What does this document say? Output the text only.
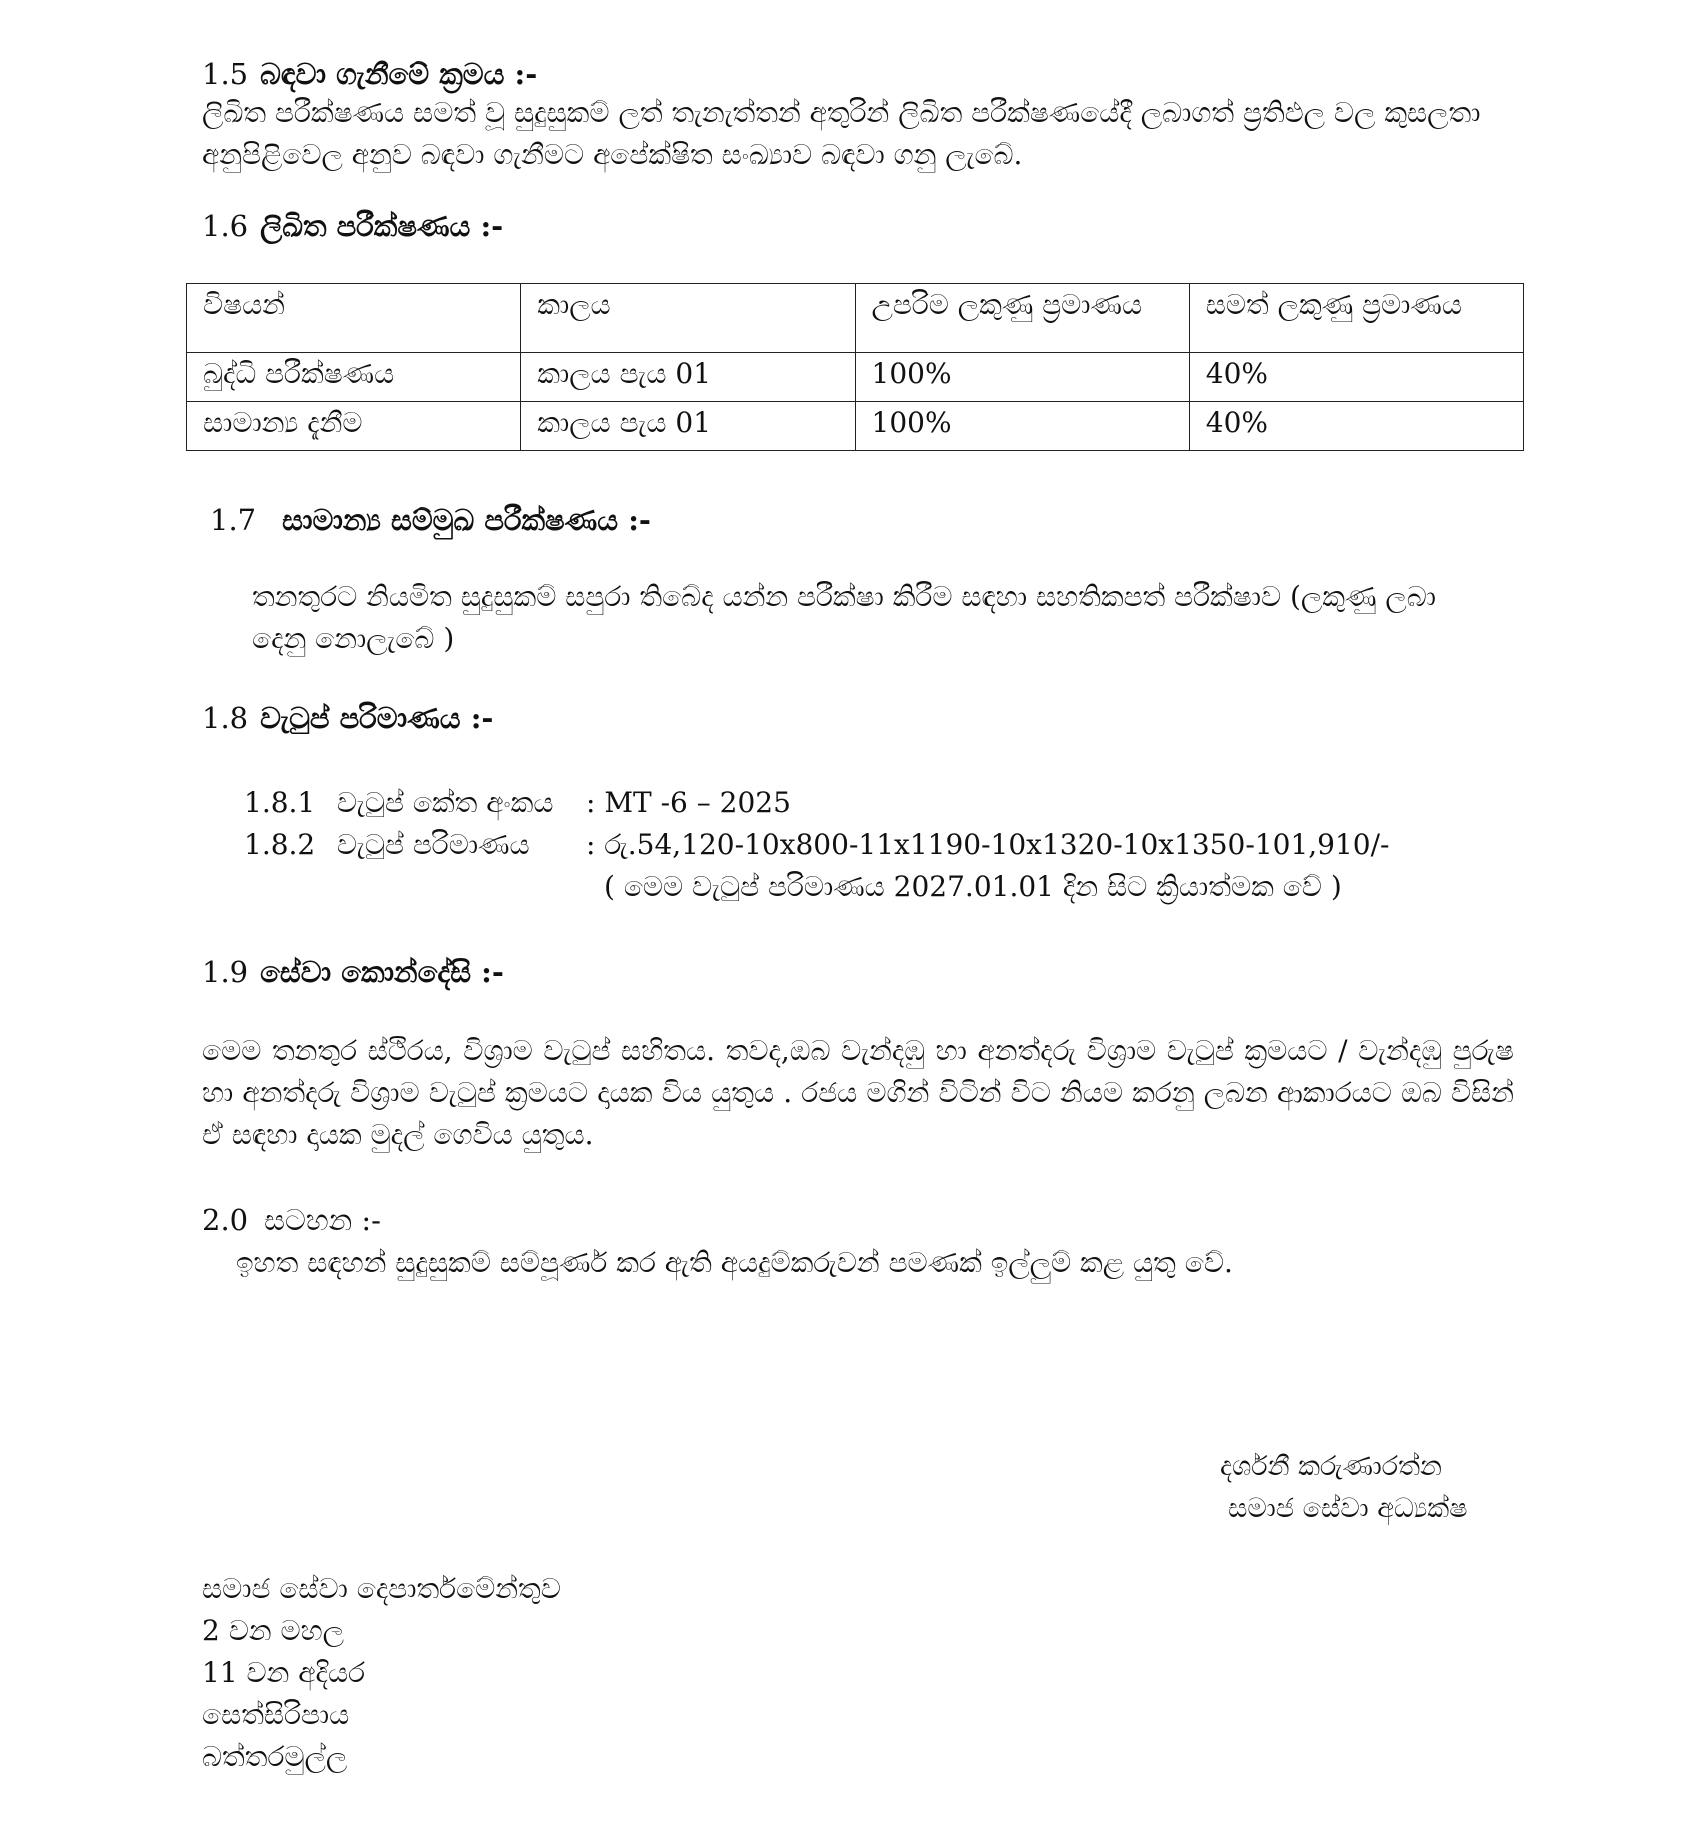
1.5 බඳවා ගැනීමේ ක්‍රමය :-
ලිඛිත පරීක්ෂණය සමත් වූ සුදුසුකම් ලත් තැනැත්තන් අතුරින් ලිඛිත පරීක්ෂණයේදී ලබාගත් ප්‍රතිඵල වල කුසලතා අනුපිළිවෙල අනුව බඳවා ගැනීමට අපේක්ෂිත සංඛ්‍යාව බඳවා ගනු ලැබේ.
1.6 ලිඛිත පරීක්ෂණය :-
විෂයන්	කාලය	උපරිම ලකුණු ප්‍රමාණය	සමත් ලකුණු ප්‍රමාණය
බුද්ධි පරීක්ෂණය	කාලය පැය 01	100%	40%
සාමාන්‍ය දැනීම	කාලය පැය 01	100%	40%
1.7 සාමාන්‍ය සම්මුඛ පරීක්ෂණය :-
තනතුරට නියමිත සුදුසුකම් සපුරා තිබේද යන්න පරීක්ෂා කිරීම සඳහා සහතිකපත් පරීක්ෂාව (ලකුණු ලබා දෙනු නොලැබේ )
1.8 වැටුප් පරිමාණය :-
1.8.1 වැටුප් කේත අංකය : MT -6 – 2025
1.8.2 වැටුප් පරිමාණය : රු.54,120-10x800-11x1190-10x1320-10x1350-101,910/-
( මෙම වැටුප් පරිමාණය 2027.01.01 දින සිට ක්‍රියාත්මක වේ )
1.9 සේවා කොන්දේසි :-
මෙම තනතුර ස්ථිරය, විශ්‍රාම වැටුප් සහිතය. තවද,ඔබ වැන්දඹු හා අනත්දරු විශ්‍රාම වැටුප් ක්‍රමයට / වැන්දඹු පුරුෂ හා අනත්දරු විශ්‍රාම වැටුප් ක්‍රමයට දායක විය යුතුය . රජය මගින් විටින් විට නියම කරනු ලබන ආකාරයට ඔබ විසින් ඒ සඳහා දායක මුදල් ගෙවිය යුතුය.
2.0 සටහන :-
ඉහත සඳහන් සුදුසුකම් සම්පූර්ණ කර ඇති අයදුම්කරුවන් පමණක් ඉල්ලුම් කළ යුතු වේ.
දර්ශනී කරුණාරත්න
සමාජ සේවා අධ්‍යක්ෂ
සමාජ සේවා දෙපාර්තමේන්තුව
2 වන මහල
11 වන අදියර
සෙත්සිරිපාය
බත්තරමුල්ල
